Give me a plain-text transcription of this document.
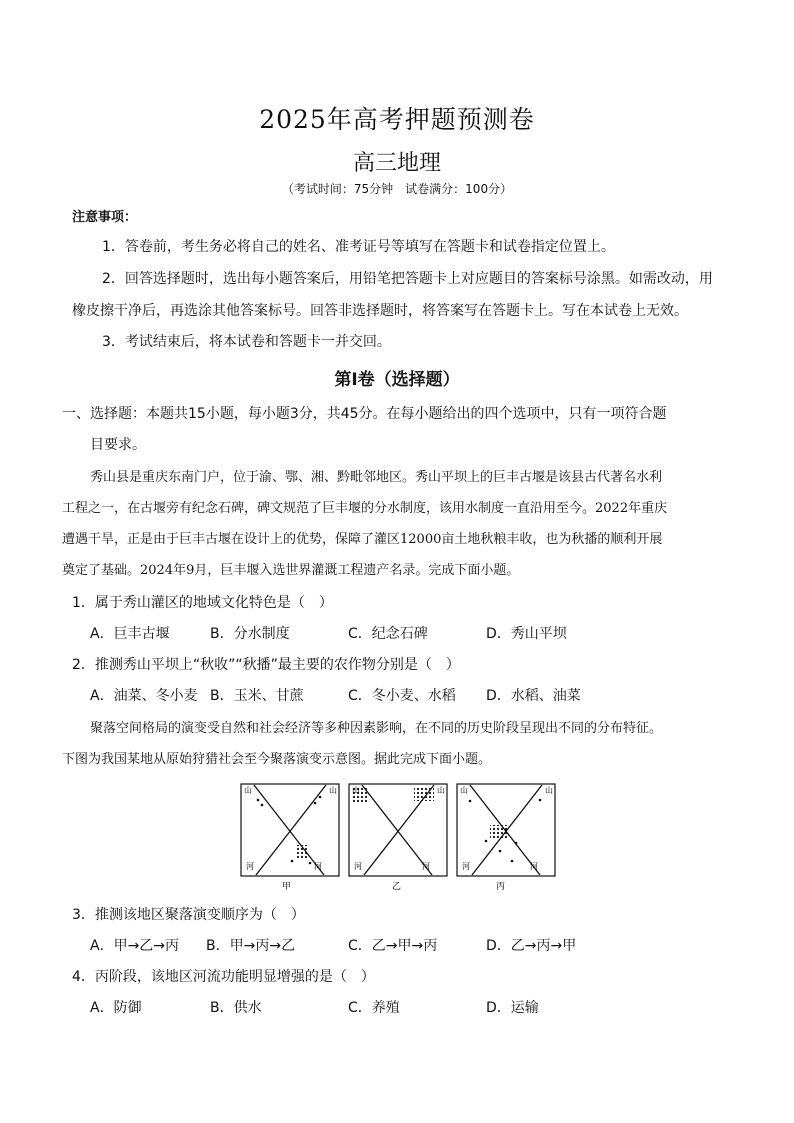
2025年高考押题预测卷
高三地理
（考试时间：75分钟　试卷满分：100分）
注意事项：
1．答卷前，考生务必将自己的姓名、准考证号等填写在答题卡和试卷指定位置上。
2．回答选择题时，选出每小题答案后，用铅笔把答题卡上对应题目的答案标号涂黑。如需改动，用
橡皮擦干净后，再选涂其他答案标号。回答非选择题时，将答案写在答题卡上。写在本试卷上无效。
3．考试结束后，将本试卷和答题卡一并交回。
第Ⅰ卷（选择题）
一、选择题：本题共15小题，每小题3分，共45分。在每小题给出的四个选项中，只有一项符合题
目要求。
秀山县是重庆东南门户，位于渝、鄂、湘、黔毗邻地区。秀山平坝上的巨丰古堰是该县古代著名水利
工程之一，在古堰旁有纪念石碑，碑文规范了巨丰堰的分水制度，该用水制度一直沿用至今。2022年重庆
遭遇干旱，正是由于巨丰古堰在设计上的优势，保障了灌区12000亩土地秋粮丰收，也为秋播的顺利开展
奠定了基础。2024年9月，巨丰堰入选世界灌溉工程遗产名录。完成下面小题。
1．属于秀山灌区的地域文化特色是（　）
A．巨丰古堰	B．分水制度	C．纪念石碑	D．秀山平坝
2．推测秀山平坝上“秋收”“秋播”最主要的农作物分别是（　）
A．油菜、冬小麦 B．玉米、甘蔗	C．冬小麦、水稻 D．水稻、油菜
聚落空间格局的演变受自然和社会经济等多种因素影响，在不同的历史阶段呈现出不同的分布特征。
下图为我国某地从原始狩猎社会至今聚落演变示意图。据此完成下面小题。
山	山
河	河
山
河	河
山	山
河	河
甲	乙	丙
3．推测该地区聚落演变顺序为（　）
A．甲→乙→丙 B．甲→丙→乙	C．乙→甲→丙	D．乙→丙→甲
4．丙阶段，该地区河流功能明显增强的是（　）
A．防御	B．供水	C．养殖	D．运输
